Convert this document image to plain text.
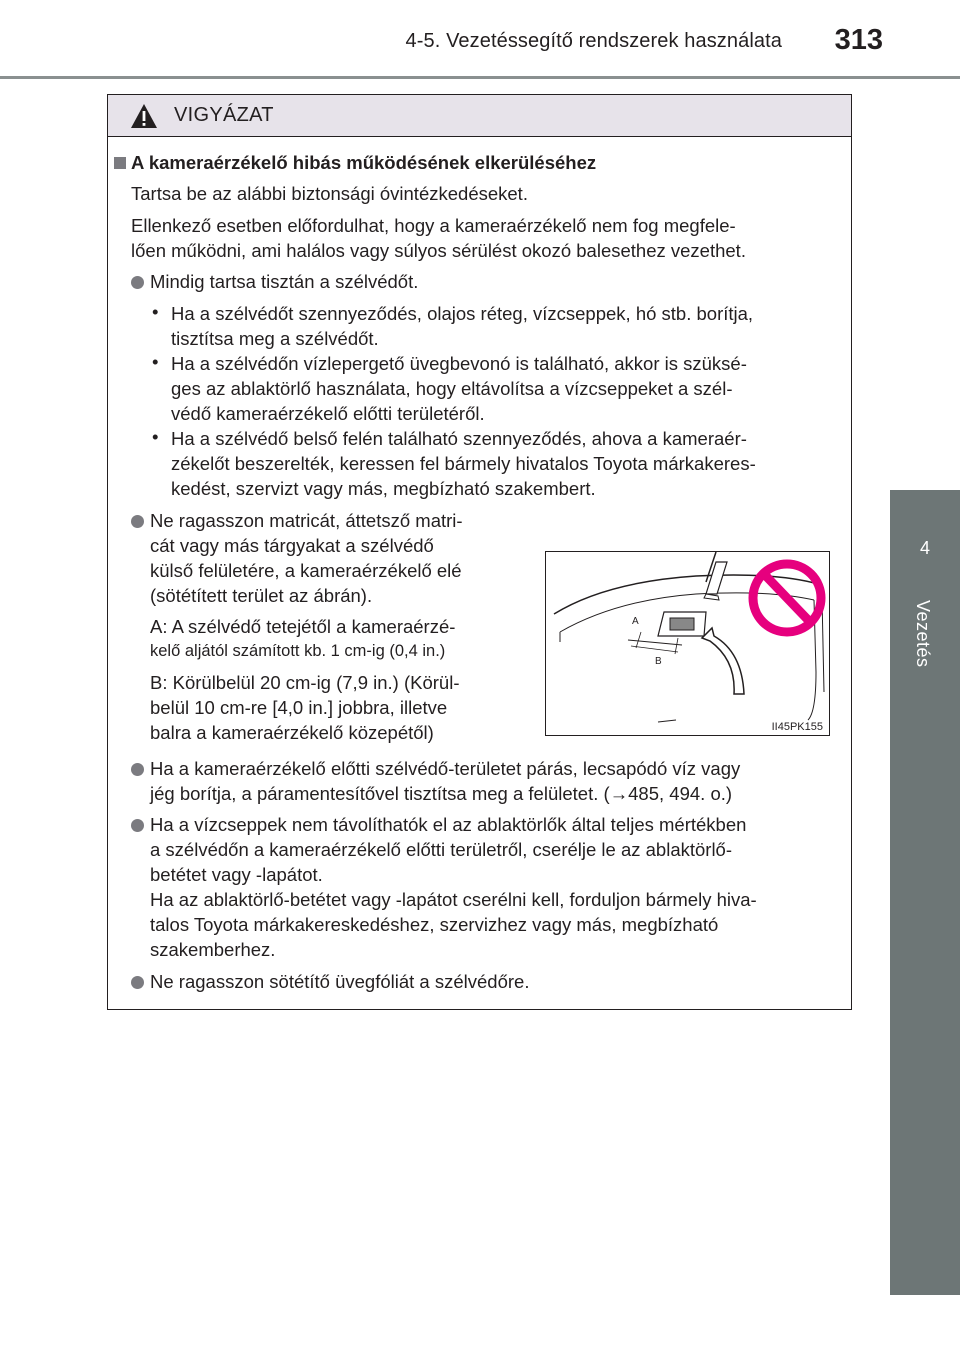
4-5. Vezetéssegítő rendszerek használata 313
4
Vezetés
VIGYÁZAT
A kameraérzékelő hibás működésének elkerüléséhez
Tartsa be az alábbi biztonsági óvintézkedéseket.
Ellenkező esetben előfordulhat, hogy a kameraérzékelő nem fog megfele-
lően működni, ami halálos vagy súlyos sérülést okozó balesethez vezethet.
Mindig tartsa tisztán a szélvédőt.
• Ha a szélvédőt szennyeződés, olajos réteg, vízcseppek, hó stb. borítja,
tisztítsa meg a szélvédőt.
• Ha a szélvédőn vízlepergető üvegbevonó is található, akkor is szüksé-
ges az ablaktörlő használata, hogy eltávolítsa a vízcseppeket a szél-
védő kameraérzékelő előtti területéről.
• Ha a szélvédő belső felén található szennyeződés, ahova a kameraér-
zékelőt beszerelték, keressen fel bármely hivatalos Toyota márkakeres-
kedést, szervizt vagy más, megbízható szakembert.
Ne ragasszon matricát, áttetsző matri-
cát vagy más tárgyakat a szélvédő
külső felületére, a kameraérzékelő elé
(sötétített terület az ábrán).
A: A szélvédő tetejétől a kameraérzé-
kelő aljától számított kb. 1 cm-ig (0,4 in.)
B: Körülbelül 20 cm-ig (7,9 in.) (Körül-
belül 10 cm-re [4,0 in.] jobbra, illetve
balra a kameraérzékelő közepétől)
A
B
II45PK155
Ha a kameraérzékelő előtti szélvédő-területet párás, lecsapódó víz vagy
jég borítja, a páramentesítővel tisztítsa meg a felületet. (→485, 494. o.)
Ha a vízcseppek nem távolíthatók el az ablaktörlők által teljes mértékben
a szélvédőn a kameraérzékelő előtti területről, cserélje le az ablaktörlő-
betétet vagy -lapátot.
Ha az ablaktörlő-betétet vagy -lapátot cserélni kell, forduljon bármely hiva-
talos Toyota márkakereskedéshez, szervizhez vagy más, megbízható
szakemberhez.
Ne ragasszon sötétítő üvegfóliát a szélvédőre.
